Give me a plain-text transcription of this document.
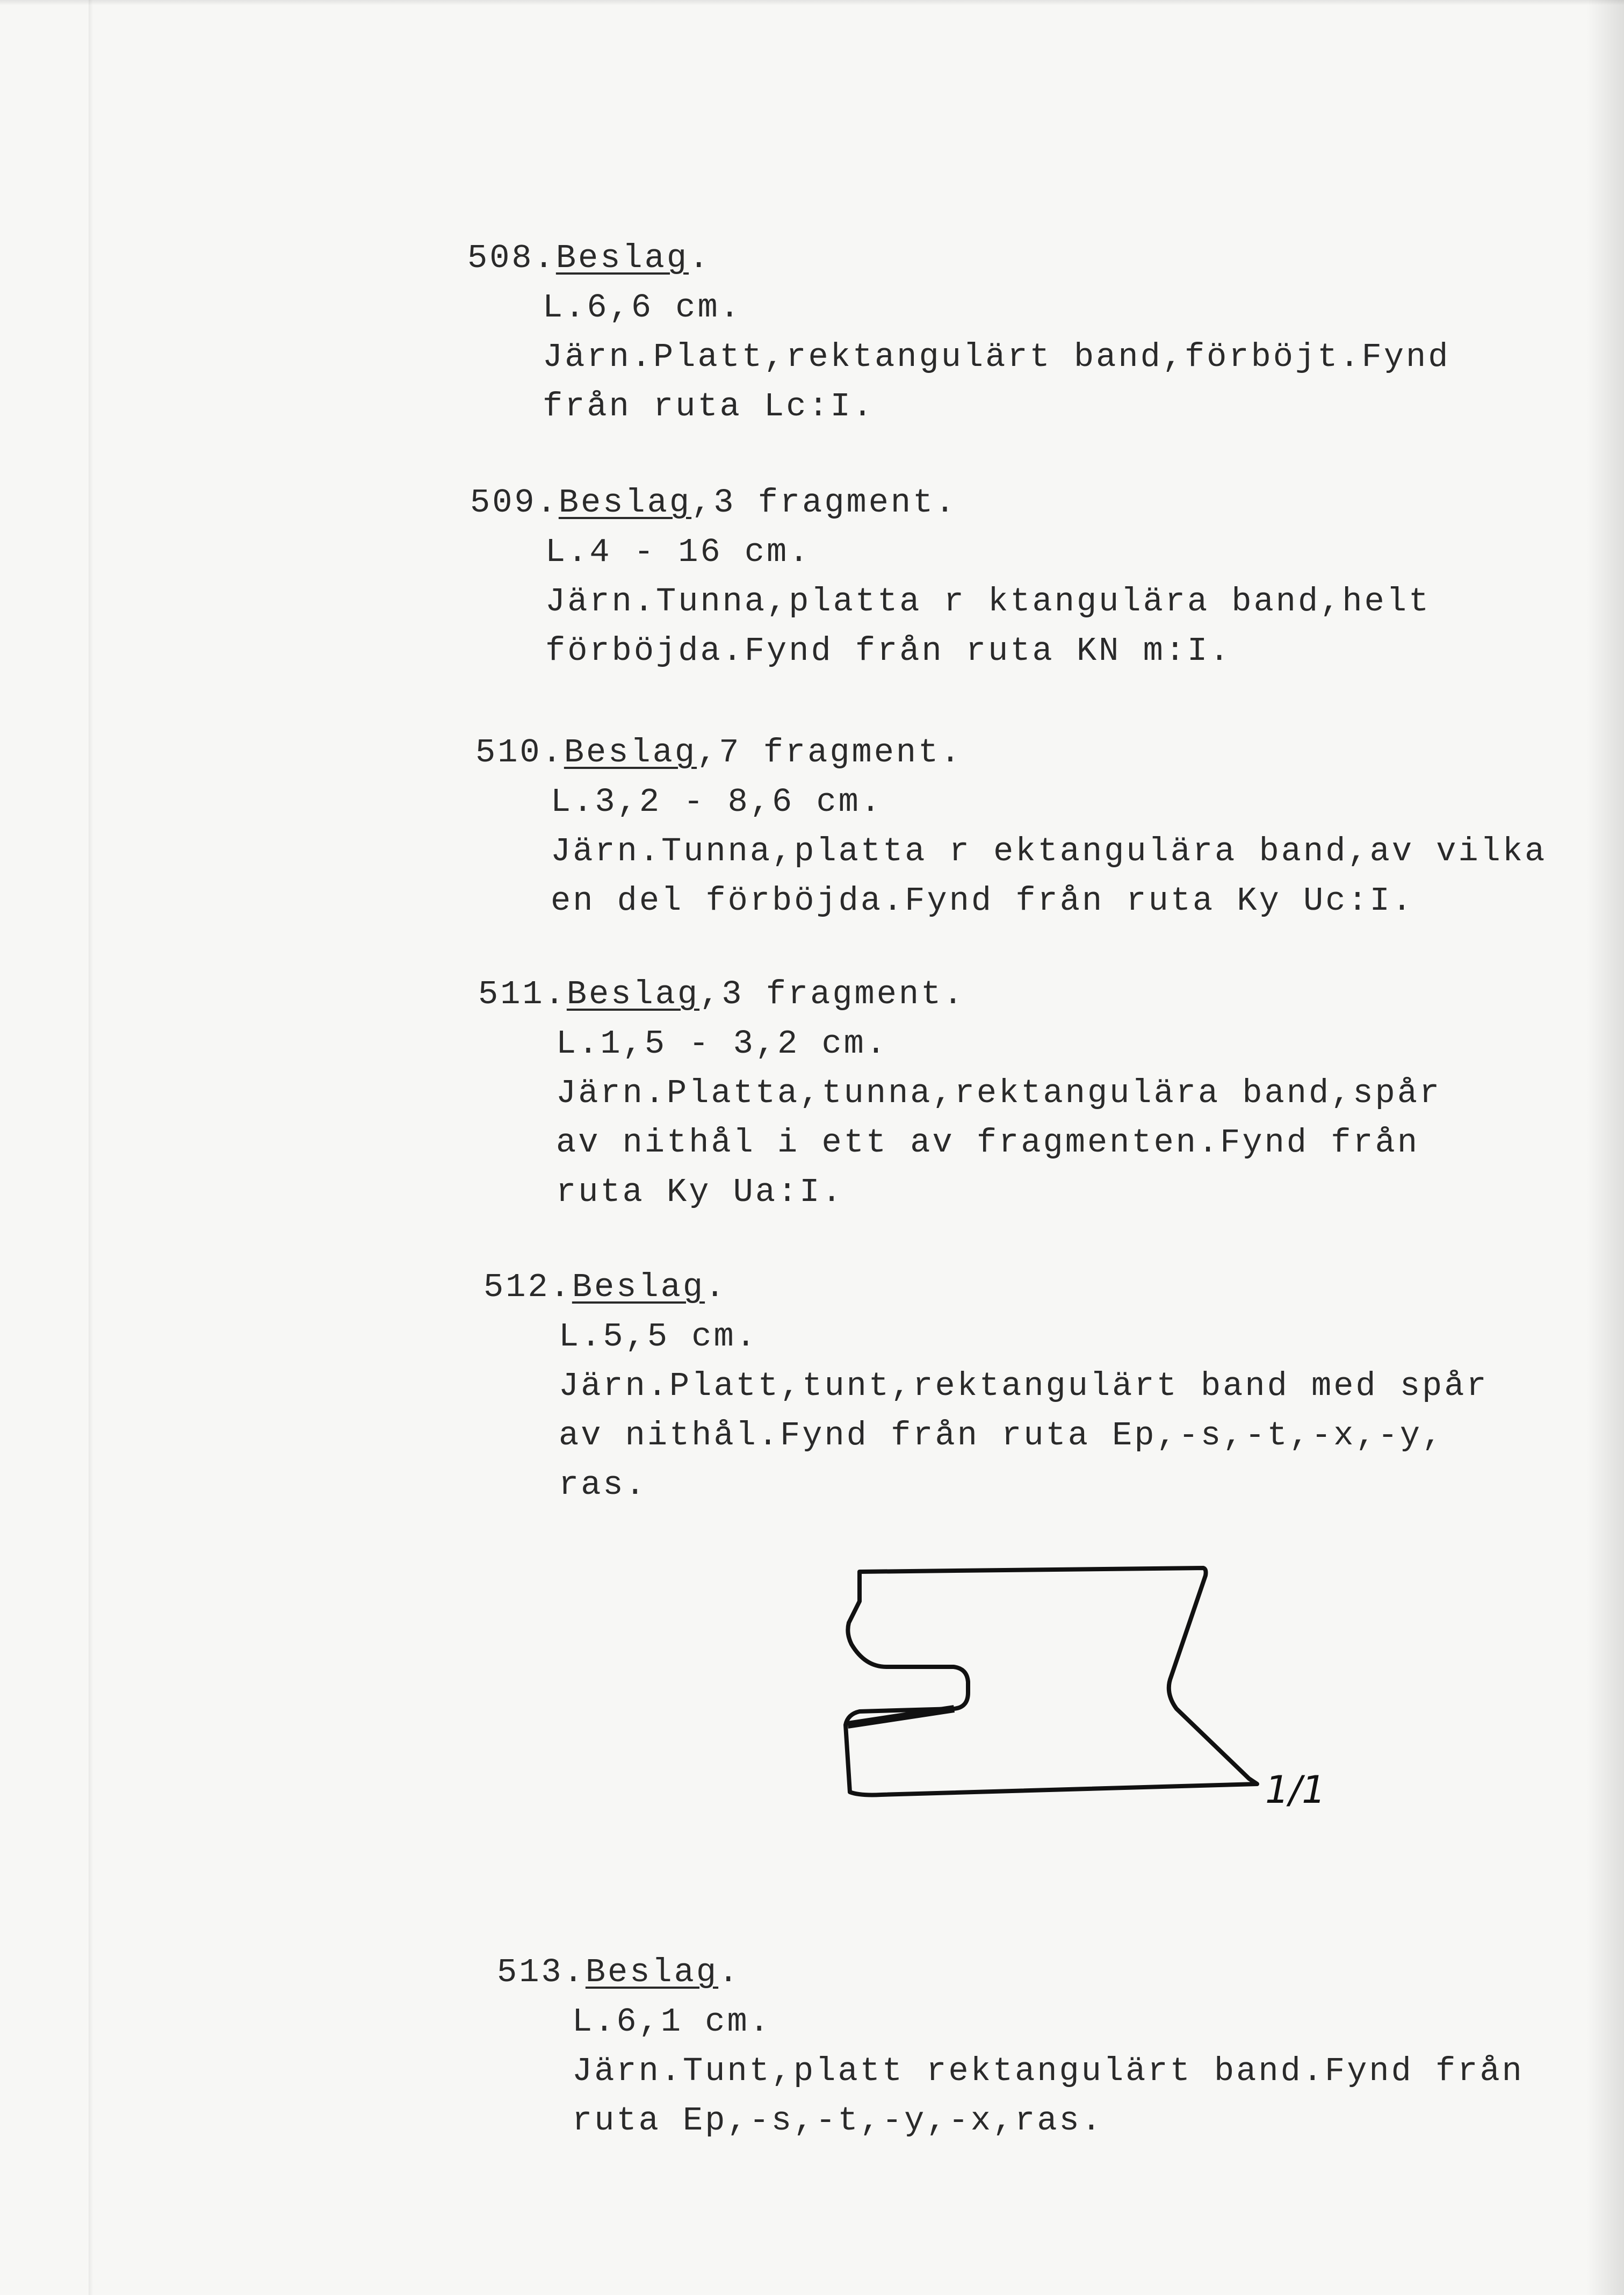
508.Beslag.
L.6,6 cm.
Järn.Platt,rektangulärt band,förböjt.Fynd
från ruta Lc:I.
509.Beslag,3 fragment.
L.4 - 16 cm.
Järn.Tunna,platta r ktangulära band,helt
förböjda.Fynd från ruta KN m:I.
510.Beslag,7 fragment.
L.3,2 - 8,6 cm.
Järn.Tunna,platta r ektangulära band,av vilka
en del förböjda.Fynd från ruta Ky Uc:I.
511.Beslag,3 fragment.
L.1,5 - 3,2 cm.
Järn.Platta,tunna,rektangulära band,spår
av nithål i ett av fragmenten.Fynd från
ruta Ky Ua:I.
512.Beslag.
L.5,5 cm.
Järn.Platt,tunt,rektangulärt band med spår
av nithål.Fynd från ruta Ep,-s,-t,-x,-y,
ras.
1/1
513.Beslag.
L.6,1 cm.
Järn.Tunt,platt rektangulärt band.Fynd från
ruta Ep,-s,-t,-y,-x,ras.
